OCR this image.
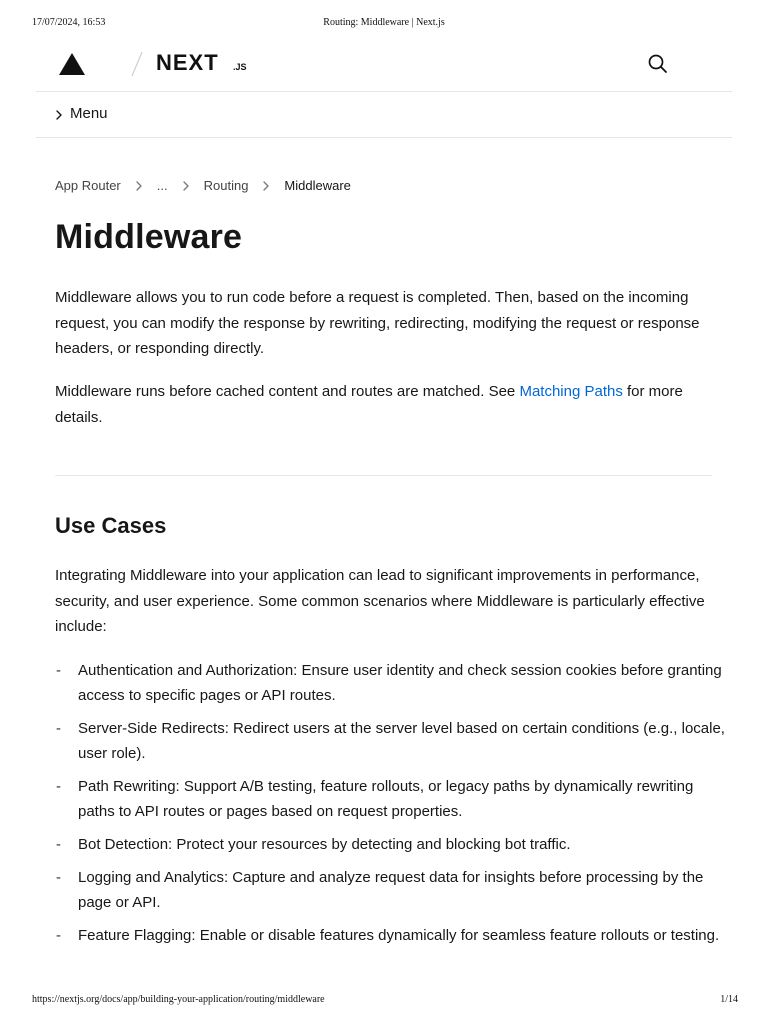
17/07/2024, 16:53	Routing: Middleware | Next.js
NEXT .JS
Menu
App Router	...	Routing	Middleware
Middleware

Middleware allows you to run code before a request is completed. Then, based on the incoming request, you can modify the response by rewriting, redirecting, modifying the request or response headers, or responding directly.

Middleware runs before cached content and routes are matched. See Matching Paths for more details.

Use Cases

Integrating Middleware into your application can lead to significant improvements in performance, security, and user experience. Some common scenarios where Middleware is particularly effective include:

- Authentication and Authorization: Ensure user identity and check session cookies before granting access to specific pages or API routes.
- Server-Side Redirects: Redirect users at the server level based on certain conditions (e.g., locale, user role).
- Path Rewriting: Support A/B testing, feature rollouts, or legacy paths by dynamically rewriting paths to API routes or pages based on request properties.
- Bot Detection: Protect your resources by detecting and blocking bot traffic.
- Logging and Analytics: Capture and analyze request data for insights before processing by the page or API.
- Feature Flagging: Enable or disable features dynamically for seamless feature rollouts or testing.
https://nextjs.org/docs/app/building-your-application/routing/middleware	1/14
